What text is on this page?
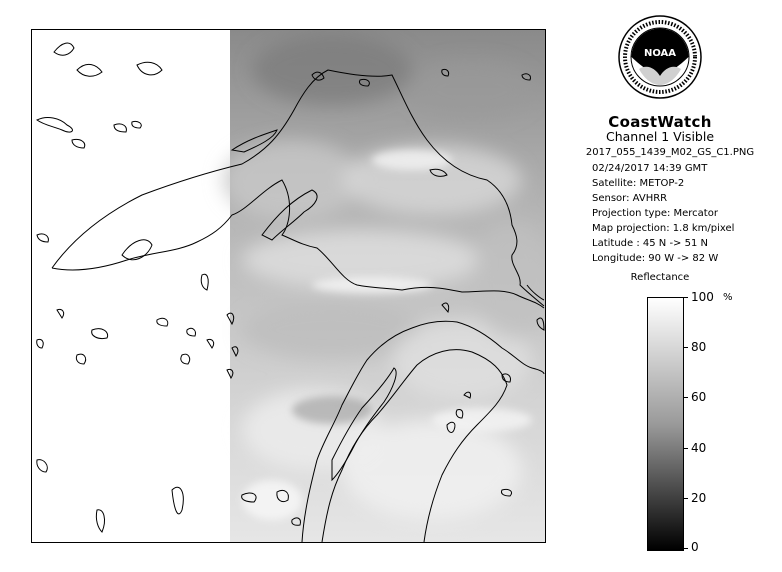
NOAA
CoastWatch
Channel 1 Visible
2017_055_1439_M02_GS_C1.PNG
02/24/2017 14:39 GMT
Satellite: METOP-2
Sensor: AVHRR
Projection type: Mercator
Map projection: 1.8 km/pixel
Latitude : 45 N -> 51 N
Longitude: 90 W -> 82 W
Reflectance
%
100
80
60
40
20
0
